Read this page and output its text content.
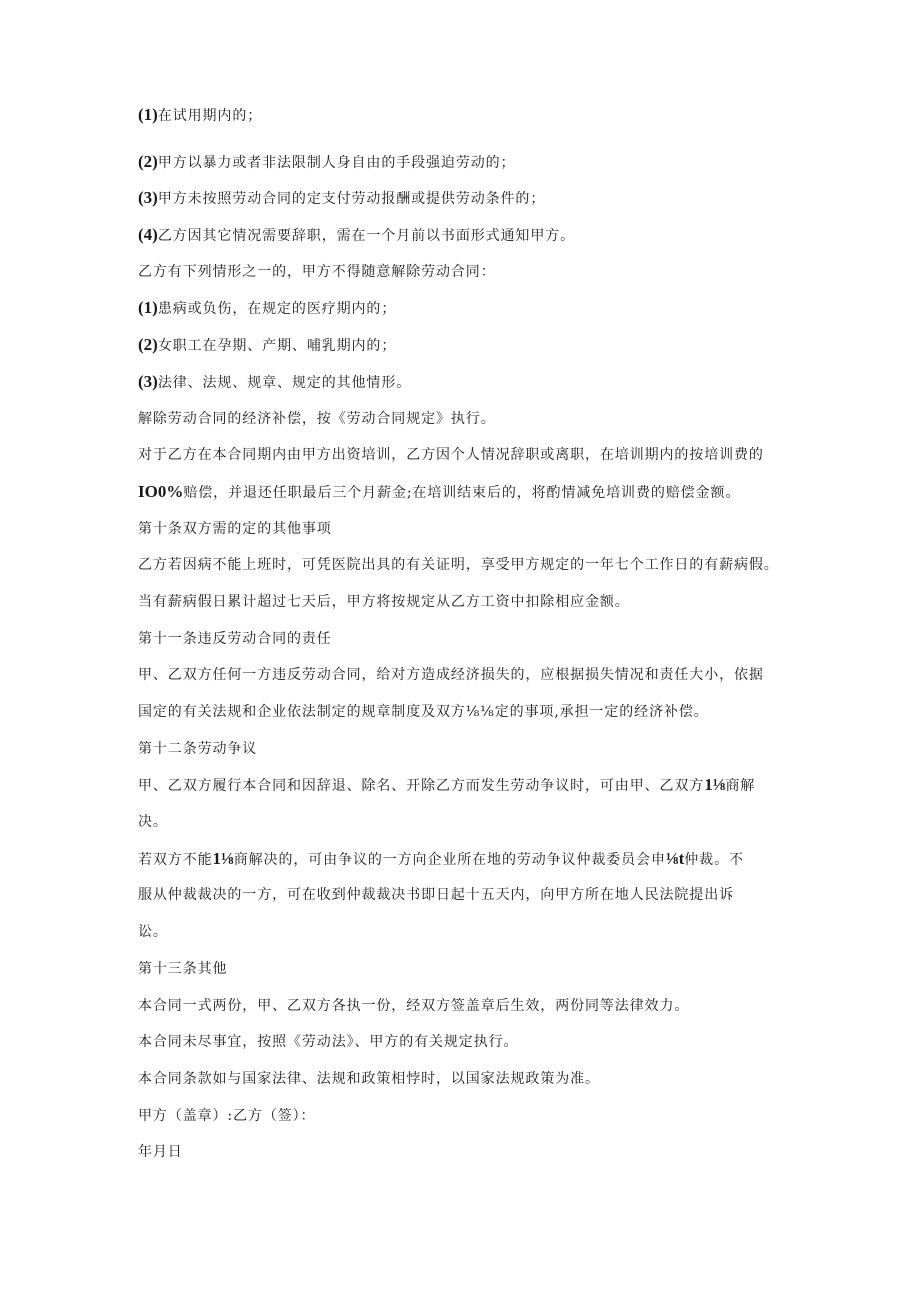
(1)在试用期内的；
(2)甲方以暴力或者非法限制人身自由的手段强迫劳动的；
(3)甲方未按照劳动合同的定支付劳动报酬或提供劳动条件的；
(4)乙方因其它情况需要辞职，需在一个月前以书面形式通知甲方。
乙方有下列情形之一的，甲方不得随意解除劳动合同：
(1)患病或负伤，在规定的医疗期内的；
(2)女职工在孕期、产期、哺乳期内的；
(3)法律、法规、规章、规定的其他情形。
解除劳动合同的经济补偿，按《劳动合同规定》执行。
对于乙方在本合同期内由甲方出资培训，乙方因个人情况辞职或离职，在培训期内的按培训费的
IO0%赔偿，并退还任职最后三个月薪金;在培训结束后的，将酌情减免培训费的赔偿金额。
第十条双方需的定的其他事项
乙方若因病不能上班时，可凭医院出具的有关证明，享受甲方规定的一年七个工作日的有薪病假。
当有薪病假日累计超过七天后，甲方将按规定从乙方工资中扣除相应金额。
第十一条违反劳动合同的责任
甲、乙双方任何一方违反劳动合同，给对方造成经济损失的，应根据损失情况和责任大小，依据
国定的有关法规和企业依法制定的规章制度及双方⅛⅛定的事项,承担一定的经济补偿。
第十二条劳动争议
甲、乙双方履行本合同和因辞退、除名、开除乙方而发生劳动争议时，可由甲、乙双方1⅛商解
决。
若双方不能1⅛商解决的，可由争议的一方向企业所在地的劳动争议仲裁委员会申⅛t仲裁。不
服从仲裁裁决的一方，可在收到仲裁裁决书即日起十五天内，向甲方所在地人民法院提出诉
讼。
第十三条其他
本合同一式两份，甲、乙双方各执一份，经双方签盖章后生效，两份同等法律效力。
本合同未尽事宜，按照《劳动法》、甲方的有关规定执行。
本合同条款如与国家法律、法规和政策相悖时，以国家法规政策为准。
甲方（盖章）:乙方（签）：
年月日
